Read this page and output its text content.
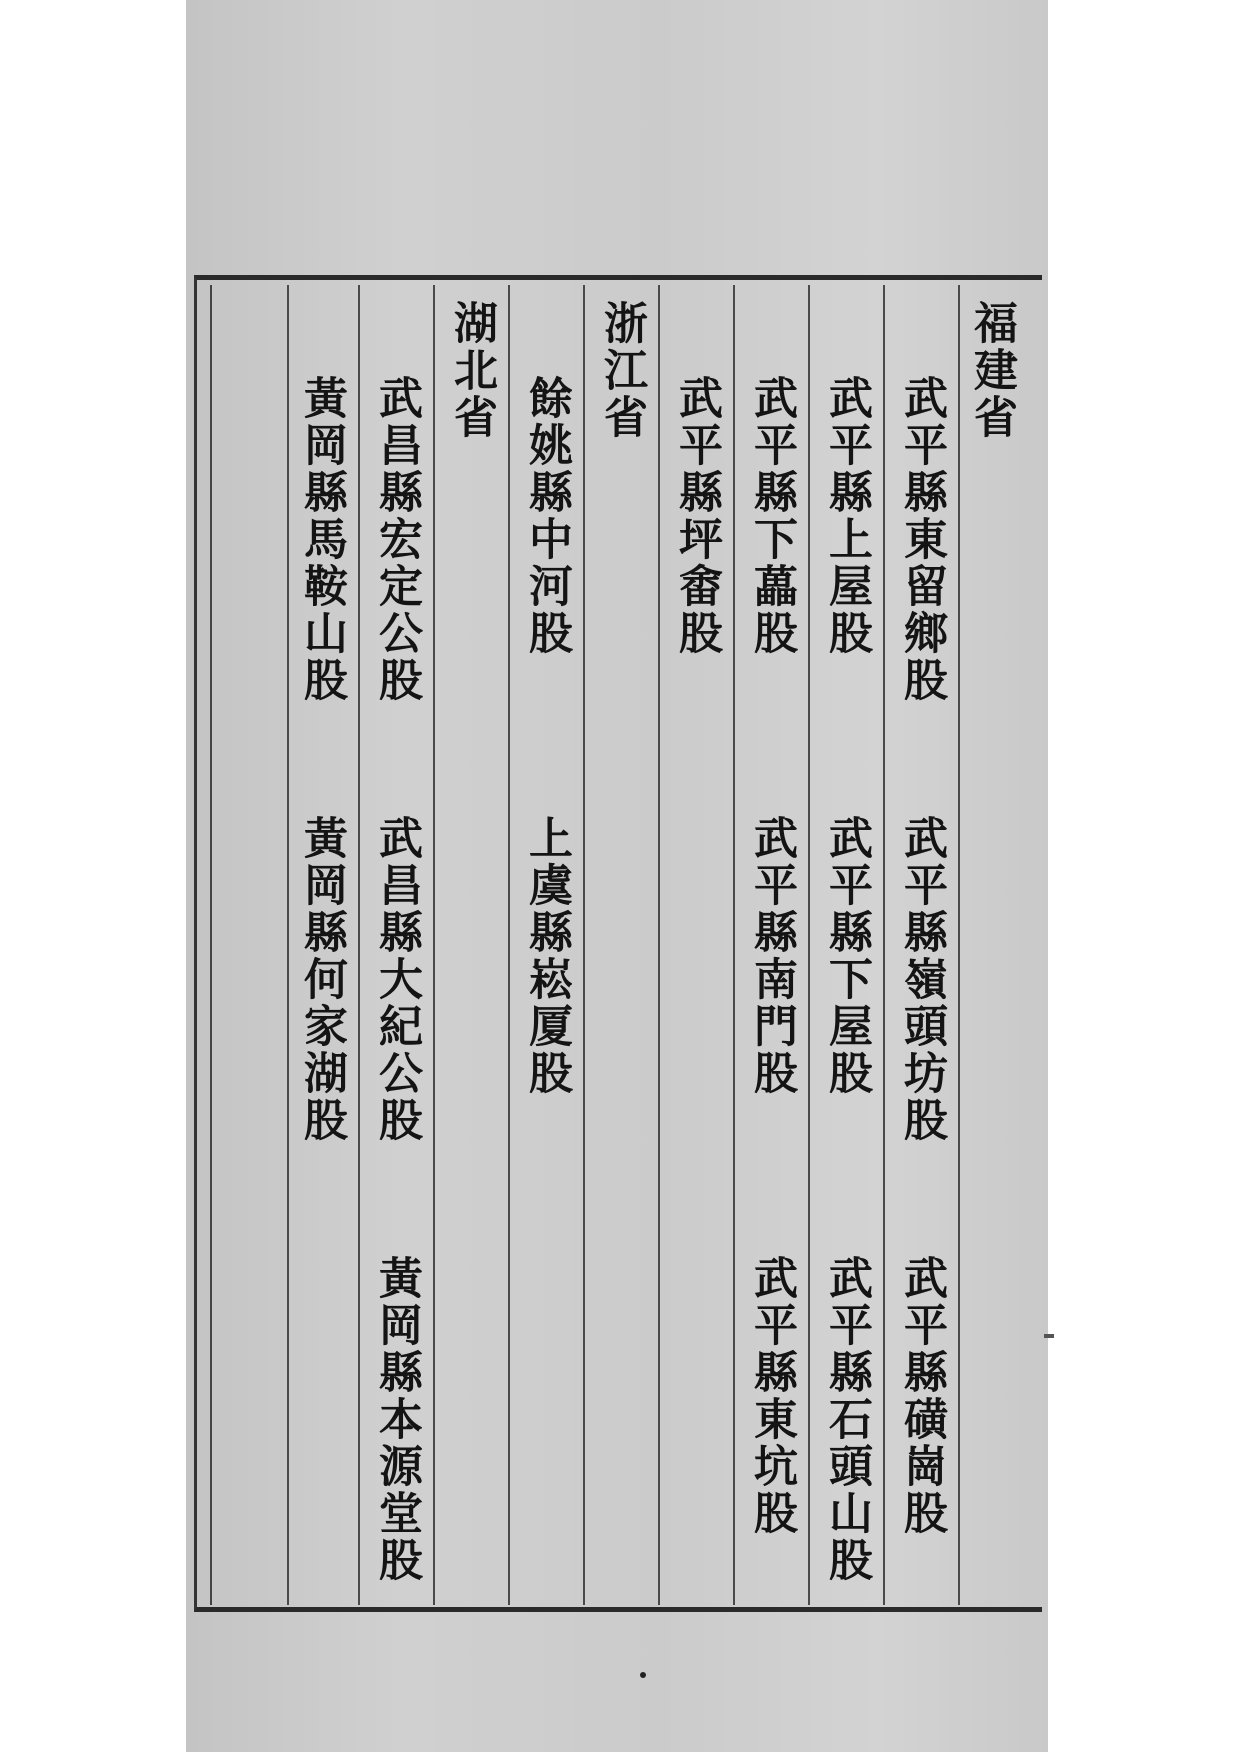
福建省
武平縣東留鄉股
武平縣嶺頭坊股
武平縣磺崗股
武平縣上屋股
武平縣下屋股
武平縣石頭山股
武平縣下藟股
武平縣南門股
武平縣東坑股
武平縣坪畬股
浙江省
餘姚縣中河股
上虞縣崧厦股
湖北省
武昌縣宏定公股
武昌縣大紀公股
黃岡縣本源堂股
黃岡縣馬鞍山股
黃岡縣何家湖股
